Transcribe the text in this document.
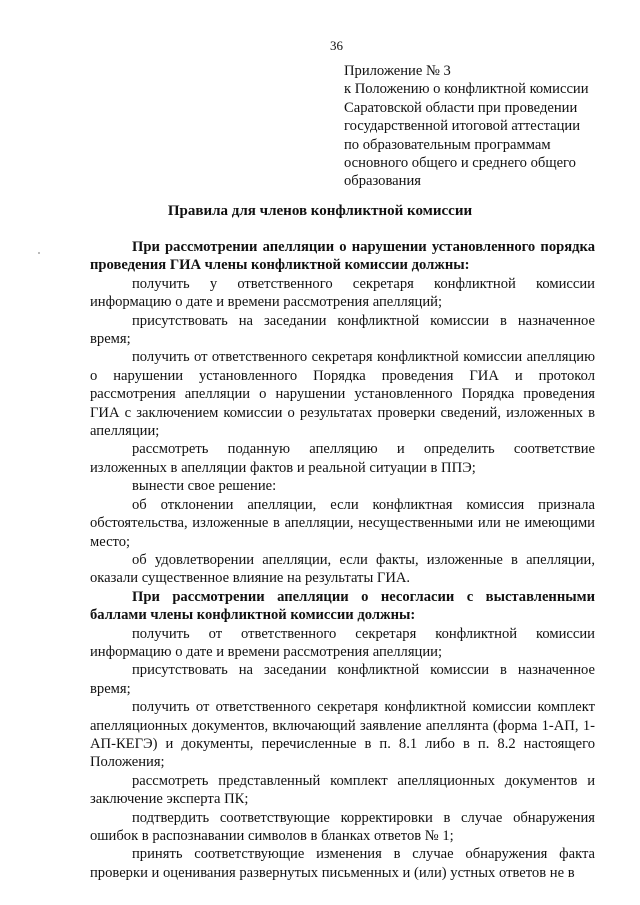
36
Приложение № 3
к Положению о конфликтной комиссии
Саратовской области при проведении
государственной итоговой аттестации
по образовательным программам
основного общего и среднего общего
образования
Правила для членов конфликтной комиссии

При рассмотрении апелляции о нарушении установленного порядка проведения ГИА члены конфликтной комиссии должны:

получить у ответственного секретаря конфликтной комиссии информацию о дате и времени рассмотрения апелляций;

присутствовать на заседании конфликтной комиссии в назначенное время;

получить от ответственного секретаря конфликтной комиссии апелляцию о нарушении установленного Порядка проведения ГИА и протокол рассмотрения апелляции о нарушении установленного Порядка проведения ГИА с заключением комиссии о результатах проверки сведений, изложенных в апелляции;

рассмотреть поданную апелляцию и определить соответствие изложенных в апелляции фактов и реальной ситуации в ППЭ;

вынести свое решение:

об отклонении апелляции, если конфликтная комиссия признала обстоятельства, изложенные в апелляции, несущественными или не имеющими место;

об удовлетворении апелляции, если факты, изложенные в апелляции, оказали существенное влияние на результаты ГИА.

При рассмотрении апелляции о несогласии с выставленными баллами члены конфликтной комиссии должны:

получить от ответственного секретаря конфликтной комиссии информацию о дате и времени рассмотрения апелляции;

присутствовать на заседании конфликтной комиссии в назначенное время;

получить от ответственного секретаря конфликтной комиссии комплект апелляционных документов, включающий заявление апеллянта (форма 1-АП, 1-АП-КЕГЭ) и документы, перечисленные в п. 8.1 либо в п. 8.2 настоящего Положения;

рассмотреть представленный комплект апелляционных документов и заключение эксперта ПК;

подтвердить соответствующие корректировки в случае обнаружения ошибок в распознавании символов в бланках ответов № 1;

принять соответствующие изменения в случае обнаружения факта проверки и оценивания развернутых письменных и (или) устных ответов не в
